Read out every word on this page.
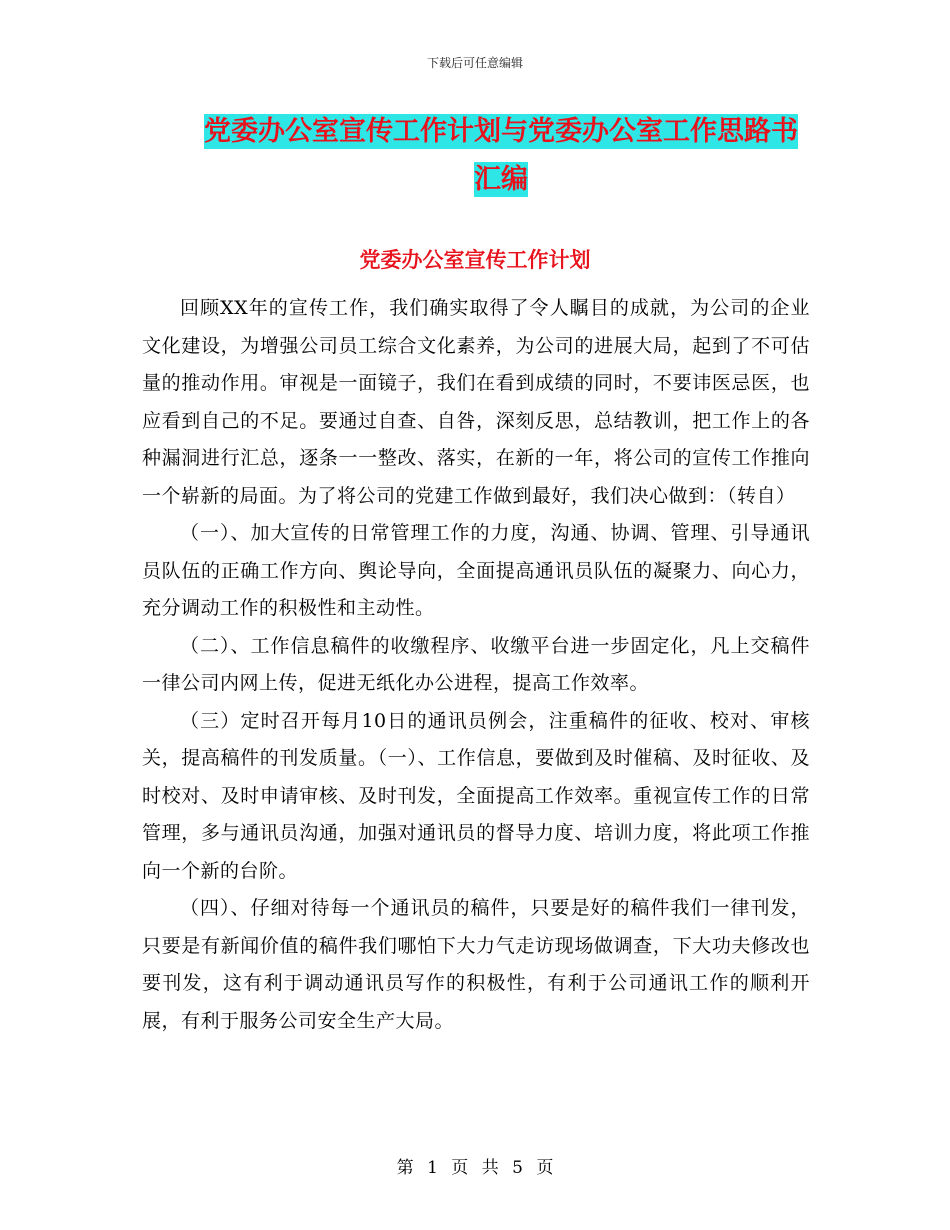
下载后可任意编辑
党委办公室宣传工作计划与党委办公室工作思路书汇编
党委办公室宣传工作计划

回顾XX年的宣传工作，我们确实取得了令人瞩目的成就，为公司的企业文化建设，为增强公司员工综合文化素养，为公司的进展大局，起到了不可估量的推动作用。审视是一面镜子，我们在看到成绩的同时，不要讳医忌医，也应看到自己的不足。要通过自查、自咎，深刻反思，总结教训，把工作上的各种漏洞进行汇总，逐条一一整改、落实，在新的一年，将公司的宣传工作推向一个崭新的局面。为了将公司的党建工作做到最好，我们决心做到：（转自）

（一）、加大宣传的日常管理工作的力度，沟通、协调、管理、引导通讯员队伍的正确工作方向、舆论导向，全面提高通讯员队伍的凝聚力、向心力，充分调动工作的积极性和主动性。

（二）、工作信息稿件的收缴程序、收缴平台进一步固定化，凡上交稿件一律公司内网上传，促进无纸化办公进程，提高工作效率。

（三）定时召开每月10日的通讯员例会，注重稿件的征收、校对、审核关，提高稿件的刊发质量。（一）、工作信息，要做到及时催稿、及时征收、及时校对、及时申请审核、及时刊发，全面提高工作效率。重视宣传工作的日常管理，多与通讯员沟通，加强对通讯员的督导力度、培训力度，将此项工作推向一个新的台阶。

（四）、仔细对待每一个通讯员的稿件，只要是好的稿件我们一律刊发，只要是有新闻价值的稿件我们哪怕下大力气走访现场做调查，下大功夫修改也要刊发，这有利于调动通讯员写作的积极性，有利于公司通讯工作的顺利开展，有利于服务公司安全生产大局。

第 1 页 共 5 页
